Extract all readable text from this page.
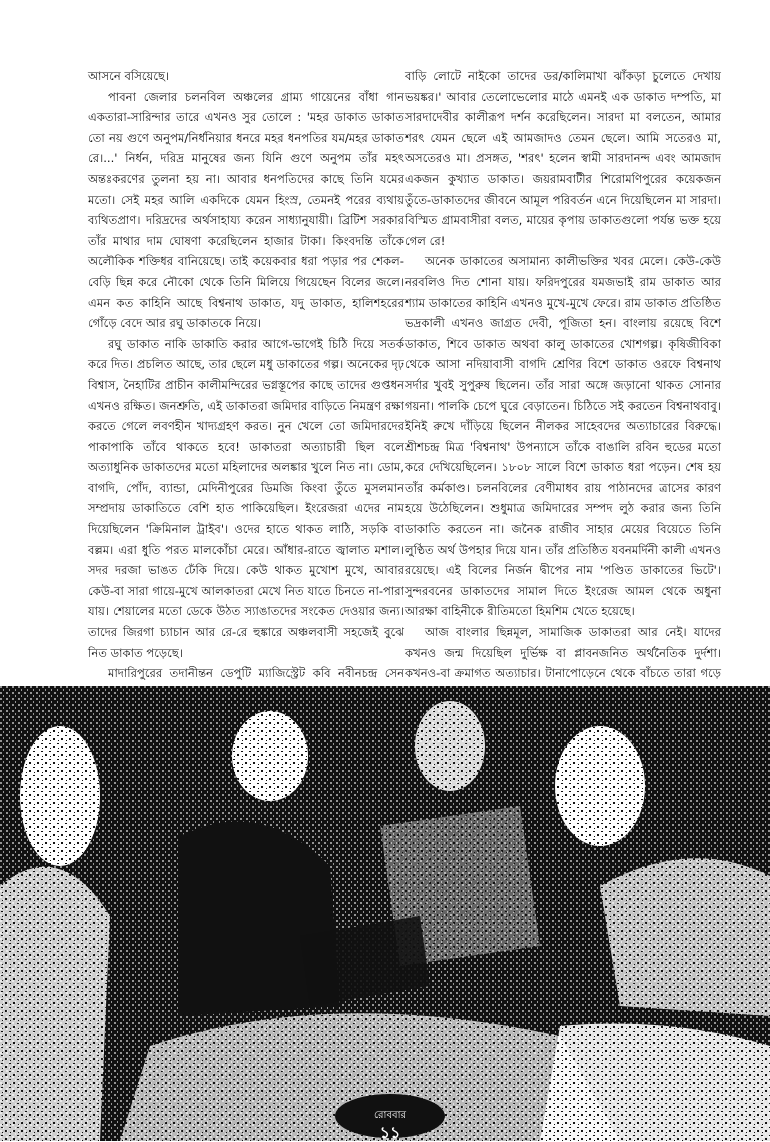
আসনে বসিয়েছে।

পাবনা জেলার চলনবিল অঞ্চলের গ্রাম্য গায়েনের বাঁধা গান একতারা-সারিন্দার তারে এখনও সুর তোলে : 'মহর ডাকাত ডাকাত তো নয় গুণে অনুপম/নির্ধনিয়ার ধনরে মহর ধনপতির যম/মহর ডাকাত রে।...' নির্ধন, দরিদ্র মানুষের জন্য যিনি গুণে অনুপম তাঁর মহৎ অন্তঃকরণের তুলনা হয় না। আবার ধনপতিদের কাছে তিনি যমের মতো। সেই মহর আলি একদিকে যেমন হিংস্র, তেমনই পরের ব্যথায় ব্যথিতপ্রাণ। দরিদ্রদের অর্থসাহায্য করেন সাধ্যানুযায়ী। ব্রিটিশ সরকার তাঁর মাথার দাম ঘোষণা করেছিলেন হাজার টাকা। কিংবদন্তি তাঁকে অলৌকিক শক্তিধর বানিয়েছে। তাই কয়েকবার ধরা পড়ার পর শেকল-বেড়ি ছিন্ন করে নৌকো থেকে তিনি মিলিয়ে গিয়েছেন বিলের জলে। এমন কত কাহিনি আছে বিশ্বনাথ ডাকাত, যদু ডাকাত, হালিশহরের গোঁড়ে বেদে আর রঘু ডাকাতকে নিয়ে।

রঘু ডাকাত নাকি ডাকাতি করার আগে-ভাগেই চিঠি দিয়ে সতর্ক করে দিত। প্রচলিত আছে, তার ছেলে মধু ডাকাতের গল্প। অনেকের দৃঢ় বিশ্বাস, নৈহাটির প্রাচীন কালীমন্দিরের ভগ্নস্তূপের কাছে তাদের গুপ্তধন এখনও রক্ষিত। জনশ্রুতি, এই ডাকাতরা জমিদার বাড়িতে নিমন্ত্রণ রক্ষা করতে গেলে লবণহীন খাদ্যগ্রহণ করত। নুন খেলে তো জমিদারদের পাকাপাকি তাঁবে থাকতে হবে! ডাকাতরা অত্যাচারী ছিল বলে অত্যাধুনিক ডাকাতদের মতো মহিলাদের অলঙ্কার খুলে নিত না। ডোম, বাগদি, পোঁদ, ব্যান্ডা, মেদিনীপুরের ডিমজি কিংবা তুঁতে মুসলমান সম্প্রদায় ডাকাতিতে বেশি হাত পাকিয়েছিল। ইংরেজরা এদের নাম দিয়েছিলেন 'ক্রিমিনাল ট্রাইব'। ওদের হাতে থাকত লাঠি, সড়কি বা বল্লম। এরা ধুতি পরত মালকোঁচা মেরে। আঁধার-রাতে জ্বালাত মশাল। সদর দরজা ভাঙত ঢেঁকি দিয়ে। কেউ থাকত মুখোশ মুখে, আবার কেউ-বা সারা গায়ে-মুখে আলকাতরা মেখে নিত যাতে চিনতে না-পারা যায়। শেয়ালের মতো ডেকে উঠত স্যাঙাতদের সংকেত দেওয়ার জন্য। তাদের জিরগা চ্যাচান আর রে-রে হুঙ্কারে অঞ্চলবাসী সহজেই বুঝে নিত ডাকাত পড়েছে।

মাদারিপুরের তদানীন্তন ডেপুটি ম্যাজিস্ট্রেট কবি নবীনচন্দ্র সেন

বাড়ি লোটে নাইকো তাদের ডর/কালিমাখা ঝাঁকড়া চুলেতে দেখায় ভয়ঙ্কর।' আবার তেলোভেলোর মাঠে এমনই এক ডাকাত দম্পতি, মা সারদাদেবীর কালীরূপ দর্শন করেছিলেন। সারদা মা বলতেন, আমার শরৎ যেমন ছেলে এই আমজাদও তেমন ছেলে। আমি সতেরও মা, অসতেরও মা। প্রসঙ্গত, 'শরৎ' হলেন স্বামী সারদানন্দ এবং আমজাদ একজন কুখ্যাত ডাকাত। জয়রামবাটীর শিরোমণিপুরের কয়েকজন তুঁতে-ডাকাতদের জীবনে আমূল পরিবর্তন এনে দিয়েছিলেন মা সারদা। বিস্মিত গ্রামবাসীরা বলত, মায়ের কৃপায় ডাকাতগুলো পর্যন্ত ভক্ত হয়ে গেল রে!

অনেক ডাকাতের অসামান্য কালীভক্তির খবর মেলে। কেউ-কেউ নরবলিও দিত শোনা যায়। ফরিদপুরের যমজভাই রাম ডাকাত আর শ্যাম ডাকাতের কাহিনি এখনও মুখে-মুখে ফেরে। রাম ডাকাত প্রতিষ্ঠিত ভদ্রকালী এখনও জাগ্রত দেবী, পূজিতা হন। বাংলায় রয়েছে বিশে ডাকাত, শিবে ডাকাত অথবা কালু ডাকাতের খোশগল্প। কৃষিজীবিকা থেকে আসা নদিয়াবাসী বাগদি শ্রেণির বিশে ডাকাত ওরফে বিশ্বনাথ সর্দার খুবই সুপুরুষ ছিলেন। তাঁর সারা অঙ্গে জড়ানো থাকত সোনার গয়না। পালকি চেপে ঘুরে বেড়াতেন। চিঠিতে সই করতেন বিশ্বনাথবাবু। ইনিই রুখে দাঁড়িয়ে ছিলেন নীলকর সাহেবদের অত্যাচারের বিরুদ্ধে। শ্রীশচন্দ্র মিত্র 'বিশ্বনাথ' উপন্যাসে তাঁকে বাঙালি রবিন হুডের মতো করে দেখিয়েছিলেন। ১৮০৮ সালে বিশে ডাকাত ধরা পড়েন। শেষ হয় তাঁর কর্মকাণ্ড। চলনবিলের বেণীমাধব রায় পাঠানদের ত্রাসের কারণ হয়ে উঠেছিলেন। শুধুমাত্র জমিদারের সম্পদ লুঠ করার জন্য তিনি ডাকাতি করতেন না। জনৈক রাজীব সাহার মেয়ের বিয়েতে তিনি লুণ্ঠিত অর্থ উপহার দিয়ে যান। তাঁর প্রতিষ্ঠিত যবনমর্দিনী কালী এখনও রয়েছে। এই বিলের নির্জন দ্বীপের নাম 'পণ্ডিত ডাকাতের ভিটে'। সুন্দরবনের ডাকাতদের সামাল দিতে ইংরেজ আমল থেকে অধুনা আরক্ষা বাহিনীকে রীতিমতো হিমশিম খেতে হয়েছে।

আজ বাংলার ছিন্নমূল, সামাজিক ডাকাতরা আর নেই। যাদের কখনও জন্ম দিয়েছিল দুর্ভিক্ষ বা প্লাবনজনিত অর্থনৈতিক দুর্দশা। কখনও-বা ক্রমাগত অত্যাচার। টানাপোড়েনে থেকে বাঁচতে তারা গড়ে

রোববার
১১
